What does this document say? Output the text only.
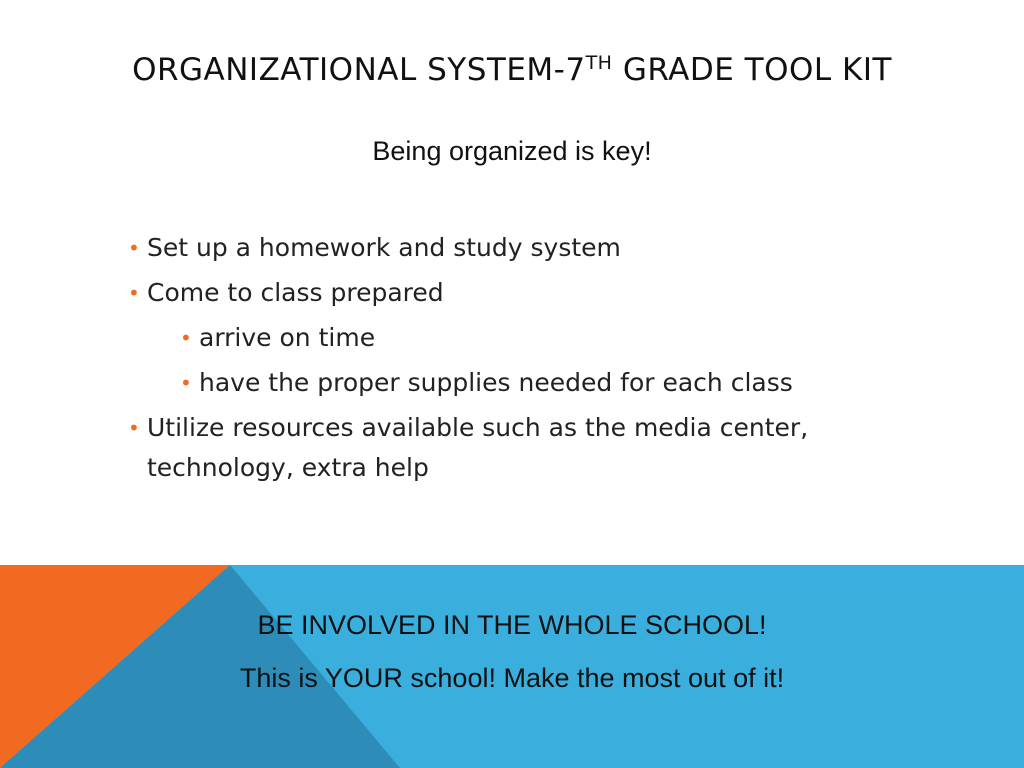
ORGANIZATIONAL SYSTEM-7TH GRADE TOOL KIT
Being organized is key!
• Set up a homework and study system
• Come to class prepared
• arrive on time
• have the proper supplies needed for each class
• Utilize resources available such as the media center, technology, extra help
BE INVOLVED IN THE WHOLE SCHOOL!
This is YOUR school! Make the most out of it!
